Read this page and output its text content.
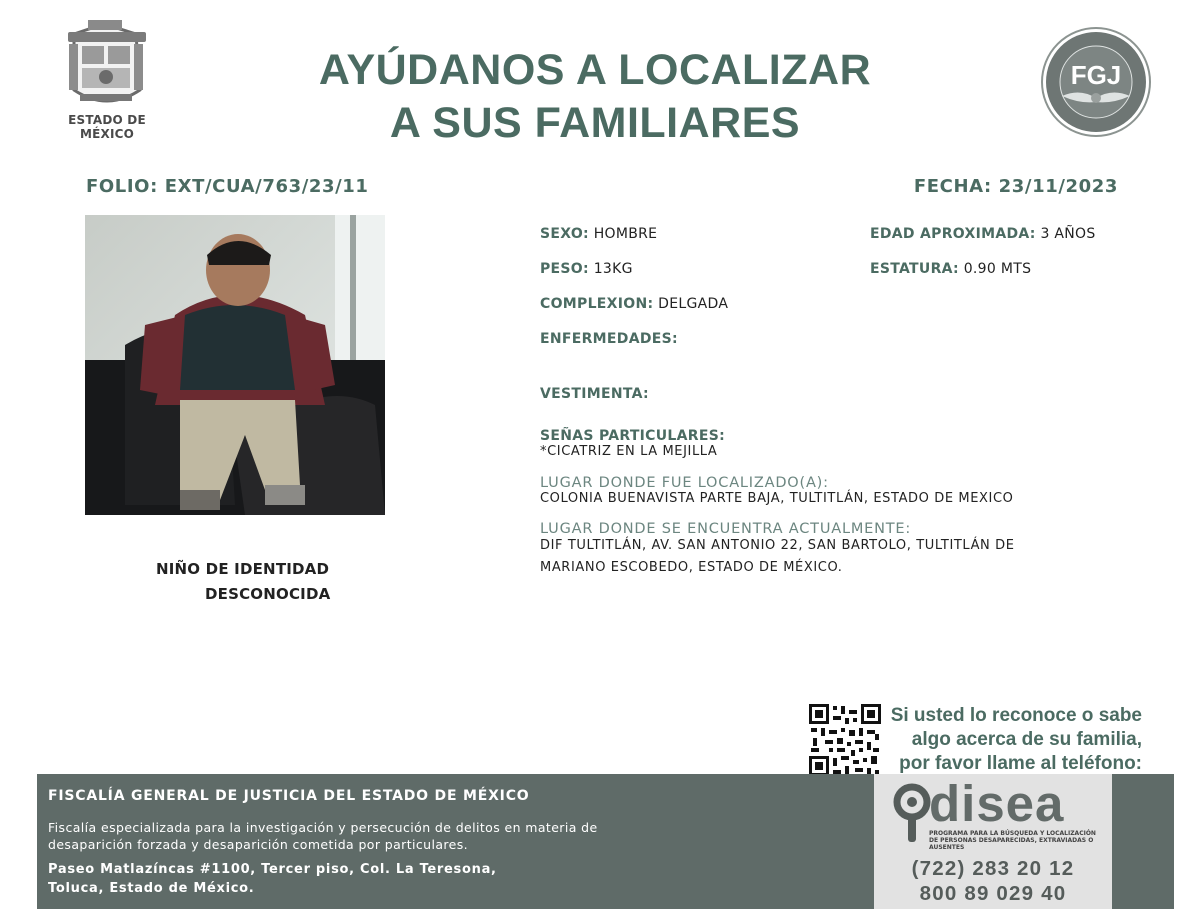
ESTADO DE MÉXICO
AYÚDANOS A LOCALIZAR
A SUS FAMILIARES
FGJ
FOLIO: EXT/CUA/763/23/11	FECHA: 23/11/2023
NIÑO DE IDENTIDAD
DESCONOCIDA
SEXO: HOMBRE	EDAD APROXIMADA: 3 AÑOS
PESO: 13KG	ESTATURA: 0.90 MTS
COMPLEXION: DELGADA
ENFERMEDADES:
VESTIMENTA:
SEÑAS PARTICULARES:
*CICATRIZ EN LA MEJILLA
LUGAR DONDE FUE LOCALIZADO(A):
COLONIA BUENAVISTA PARTE BAJA, TULTITLÁN, ESTADO DE MEXICO
LUGAR DONDE SE ENCUENTRA ACTUALMENTE:
DIF TULTITLÁN, AV. SAN ANTONIO 22, SAN BARTOLO, TULTITLÁN DE
MARIANO ESCOBEDO, ESTADO DE MÉXICO.
Si usted lo reconoce o sabe
algo acerca de su familia,
por favor llame al teléfono:
FISCALÍA GENERAL DE JUSTICIA DEL ESTADO DE MÉXICO
Fiscalía especializada para la investigación y persecución de delitos en materia de desaparición forzada y desaparición cometida por particulares.
Paseo Matlazíncas #1100, Tercer piso, Col. La Teresona,
Toluca, Estado de México.
disea
PROGRAMA PARA LA BÚSQUEDA Y LOCALIZACIÓN DE PERSONAS DESAPARECIDAS, EXTRAVIADAS O AUSENTES
(722) 283 20 12
800 89 029 40
